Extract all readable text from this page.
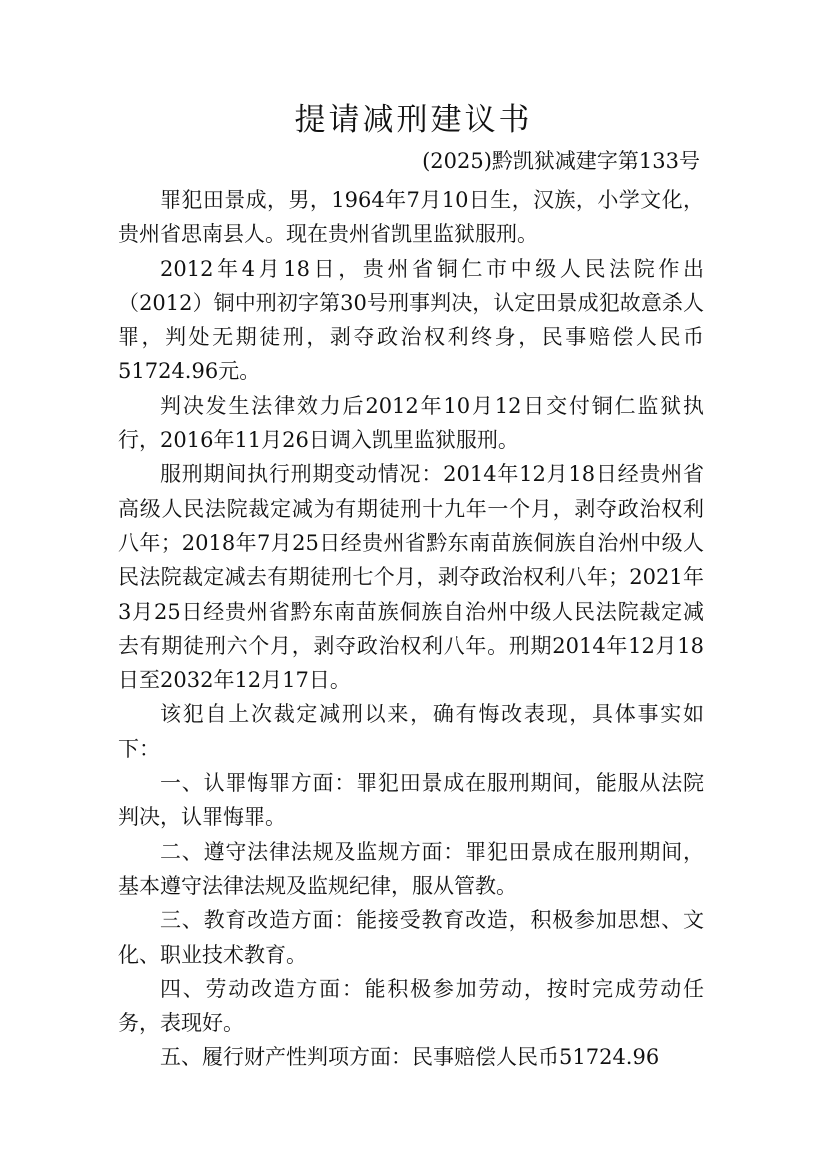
提请减刑建议书
(2025)黔凯狱减建字第133号

罪犯田景成，男，1964年7月10日生，汉族，小学文化，贵州省思南县人。现在贵州省凯里监狱服刑。

2012年4月18日，贵州省铜仁市中级人民法院作出（2012）铜中刑初字第30号刑事判决，认定田景成犯故意杀人罪，判处无期徒刑，剥夺政治权利终身，民事赔偿人民币51724.96元。

判决发生法律效力后2012年10月12日交付铜仁监狱执行，2016年11月26日调入凯里监狱服刑。

服刑期间执行刑期变动情况：2014年12月18日经贵州省高级人民法院裁定减为有期徒刑十九年一个月，剥夺政治权利八年；2018年7月25日经贵州省黔东南苗族侗族自治州中级人民法院裁定减去有期徒刑七个月，剥夺政治权利八年；2021年3月25日经贵州省黔东南苗族侗族自治州中级人民法院裁定减去有期徒刑六个月，剥夺政治权利八年。刑期2014年12月18日至2032年12月17日。

该犯自上次裁定减刑以来，确有悔改表现，具体事实如下：

一、认罪悔罪方面：罪犯田景成在服刑期间，能服从法院判决，认罪悔罪。

二、遵守法律法规及监规方面：罪犯田景成在服刑期间，基本遵守法律法规及监规纪律，服从管教。

三、教育改造方面：能接受教育改造，积极参加思想、文化、职业技术教育。

四、劳动改造方面：能积极参加劳动，按时完成劳动任务，表现好。

五、履行财产性判项方面：民事赔偿人民币51724.96
